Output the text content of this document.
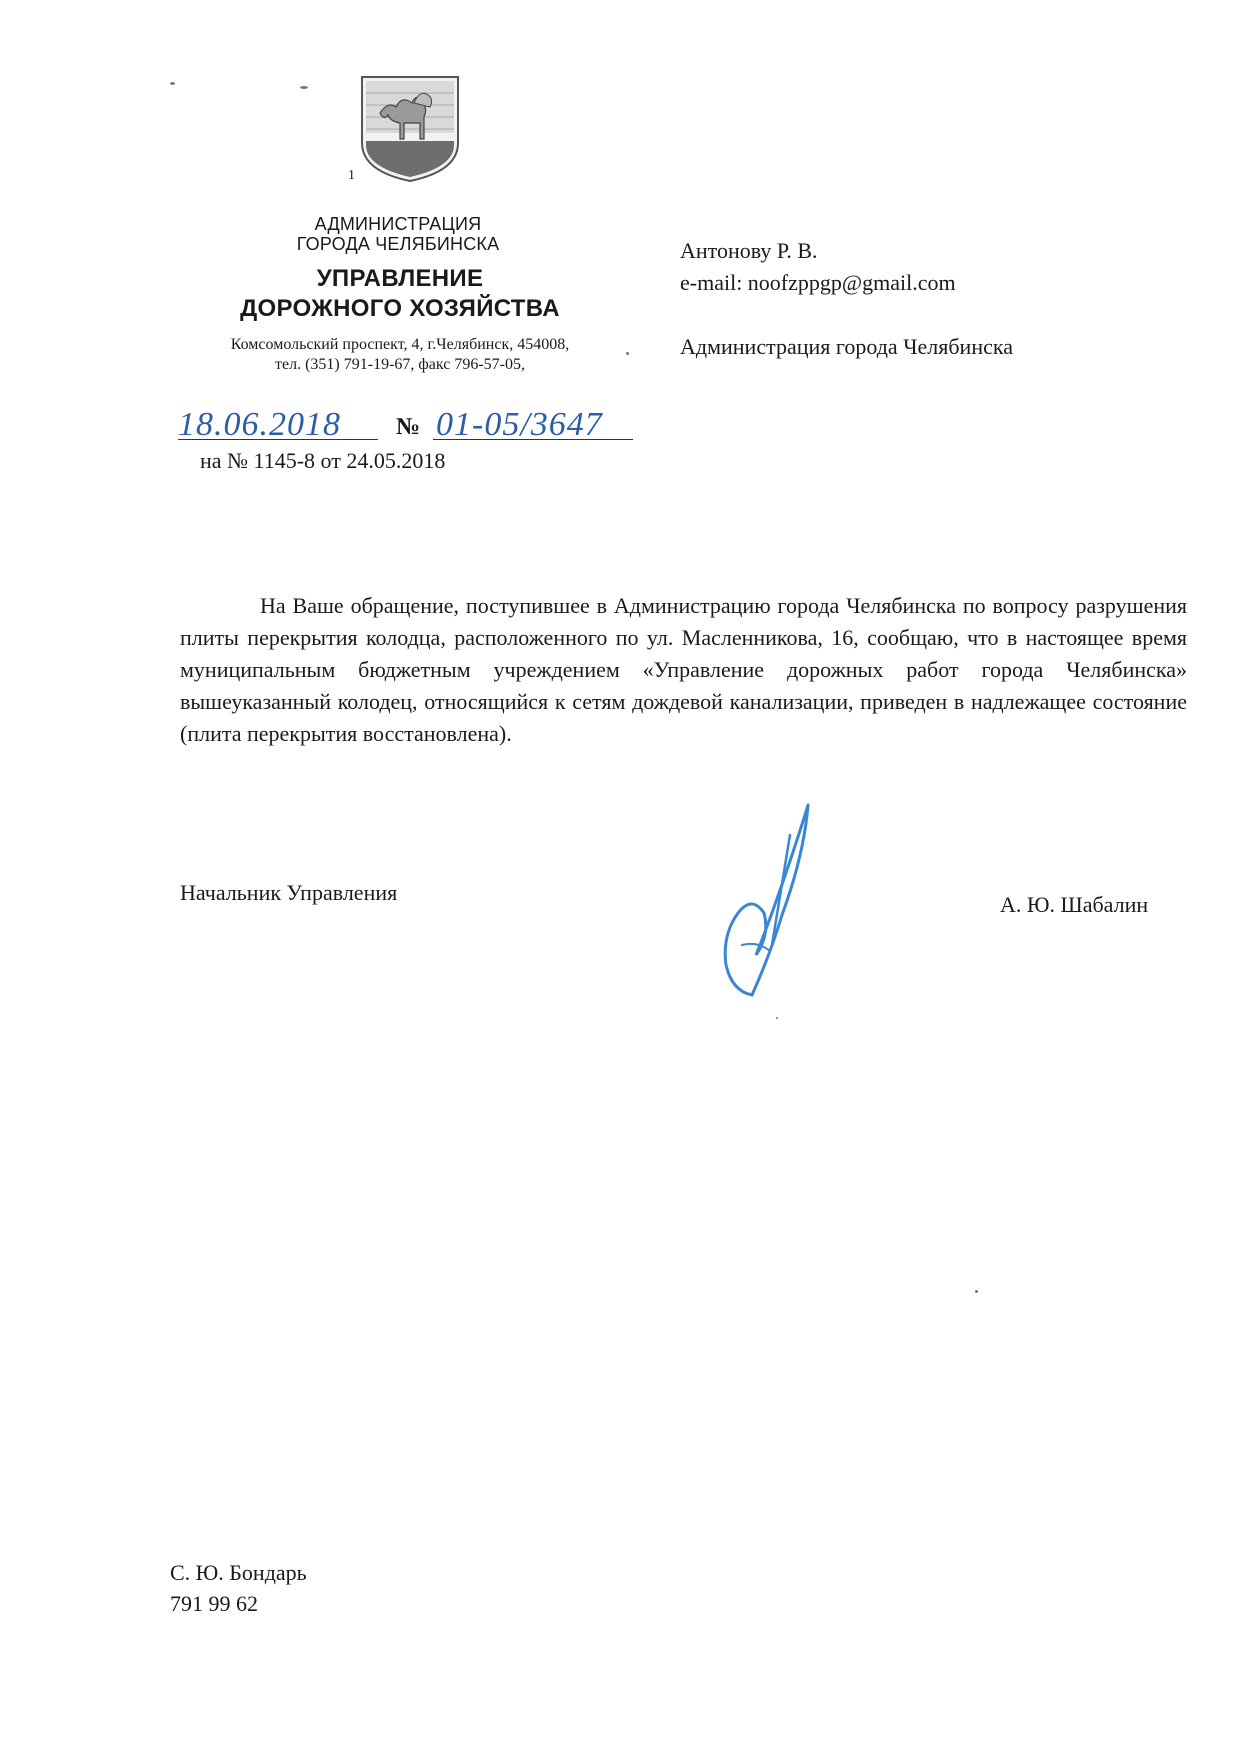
1
АДМИНИСТРАЦИЯ
ГОРОДА ЧЕЛЯБИНСКА
УПРАВЛЕНИЕ
ДОРОЖНОГО ХОЗЯЙСТВА
Комсомольский проспект, 4, г.Челябинск, 454008,
тел. (351) 791-19-67, факс 796-57-05,
18.06.2018 № 01-05/3647
на № 1145-8 от 24.05.2018
Антонову Р. В.
e-mail: noofzppgp@gmail.com
Администрация города Челябинска
На Ваше обращение, поступившее в Администрацию города Челябинска по вопросу разрушения плиты перекрытия колодца, расположенного по ул. Масленникова, 16, сообщаю, что в настоящее время муниципальным бюджетным учреждением «Управление дорожных работ города Челябинска» вышеуказанный колодец, относящийся к сетям дождевой канализации, приведен в надлежащее состояние (плита перекрытия восстановлена).
Начальник Управления	А. Ю. Шабалин
С. Ю. Бондарь
791 99 62
